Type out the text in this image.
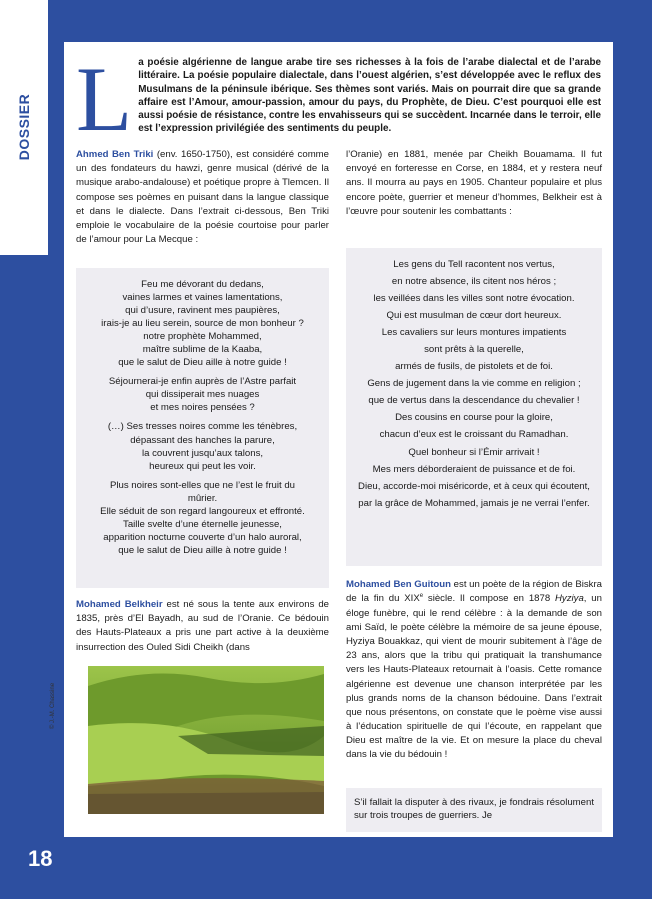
DOSSIER L a poésie algérienne de langue arabe tire ses richesses à la fois de l’arabe dialectal et de l’arabe littéraire. La poésie populaire dialectale, dans l’ouest algérien, s’est développée avec le reflux des Musulmans de la péninsule ibérique. Ses thèmes sont variés. Mais on pourrait dire que sa grande affaire est l’Amour, amour-passion, amour du pays, du Prophète, de Dieu. C’est pourquoi elle est aussi poésie de résistance, contre les envahisseurs qui se succèdent. Incarnée dans le terroir, elle est l’expression privilégiée des sentiments du peuple.

Ahmed Ben Triki (env. 1650-1750), est considéré comme un des fondateurs du hawzi, genre musical (dérivé de la musique arabo-andalouse) et poétique propre à Tlemcen. Il compose ses poèmes en puisant dans la langue classique et dans le dialecte. Dans l’extrait ci-dessous, Ben Triki emploie le vocabulaire de la poésie courtoise pour parler de l’amour pour La Mecque :

Feu me dévorant du dedans,
vaines larmes et vaines lamentations,
qui d’usure, ravinent mes paupières,
irais-je au lieu serein, source de mon bonheur ?
notre prophète Mohammed,
maître sublime de la Kaaba,
que le salut de Dieu aille à notre guide !

Séjournerai-je enfin auprès de l’Astre parfait
qui dissiperait mes nuages
et mes noires pensées ?

(…) Ses tresses noires comme les ténèbres,
dépassant des hanches la parure,
la couvrent jusqu’aux talons,
heureux qui peut les voir.

Plus noires sont-elles que ne l’est le fruit du
mûrier.
Elle séduit de son regard langoureux et effronté.
Taille svelte d’une éternelle jeunesse,
apparition nocturne couverte d’un halo auroral,
que le salut de Dieu aille à notre guide !

Mohamed Belkheir est né sous la tente aux environs de 1835, près d’El Bayadh, au sud de l’Oranie. Ce bédouin des Hauts-Plateaux a pris une part active à la deuxième insurrection des Ouled Sidi Cheikh (dans

l’Oranie) en 1881, menée par Cheikh Bouamama. Il fut envoyé en forteresse en Corse, en 1884, et y restera neuf ans. Il mourra au pays en 1905. Chanteur populaire et plus encore poète, guerrier et meneur d’hommes, Belkheir est à l’œuvre pour soutenir les combattants :

Les gens du Tell racontent nos vertus,

en notre absence, ils citent nos héros ;

les veillées dans les villes sont notre évocation.

Qui est musulman de cœur dort heureux.

Les cavaliers sur leurs montures impatients

sont prêts à la querelle,

armés de fusils, de pistolets et de foi.

Gens de jugement dans la vie comme en religion ;

que de vertus dans la descendance du chevalier !

Des cousins en course pour la gloire,

chacun d’eux est le croissant du Ramadhan.

Quel bonheur si l’Émir arrivait !

Mes mers déborderaient de puissance et de foi.

Dieu, accorde-moi miséricorde, et à ceux qui écoutent,

par la grâce de Mohammed, jamais je ne verrai l’enfer.

Mohamed Ben Guitoun est un poète de la région de Biskra de la fin du XIXe siècle. Il compose en 1878 Hyziya, un éloge funèbre, qui le rend célèbre : à la demande de son ami Saïd, le poète célèbre la mémoire de sa jeune épouse, Hyziya Bouakkaz, qui vient de mourir subitement à l’âge de 23 ans, alors que la tribu qui pratiquait la transhumance vers les Hauts-Plateaux retournait à l’oasis. Cette romance algérienne est devenue une chanson interprétée par les plus grands noms de la chanson bédouine. Dans l’extrait que nous présentons, on constate que le poème vise aussi à l’éducation spirituelle de qui l’écoute, en rappelant que Dieu est maître de la vie. Et on mesure la place du cheval dans la vie du bédouin !

S’il fallait la disputer à des rivaux, je fondrais résolument sur trois troupes de guerriers. Je

© J.-M. Chassine
18
